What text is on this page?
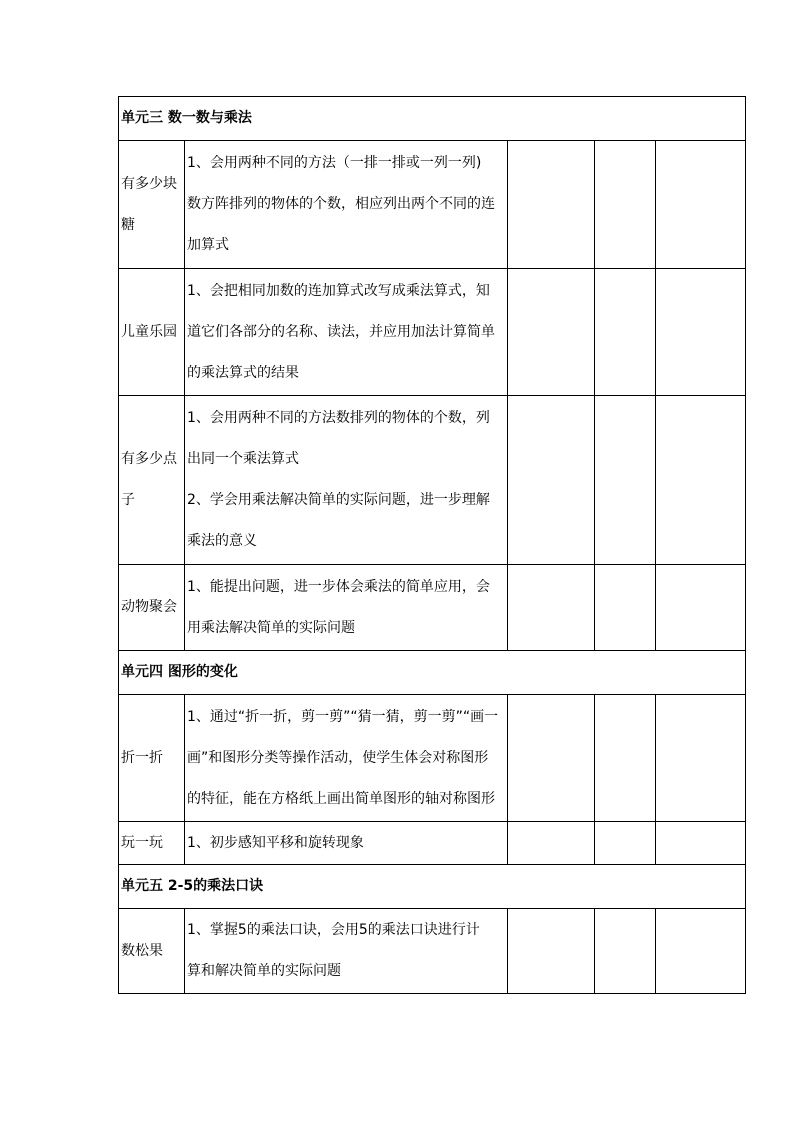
单元三 数一数与乘法				

有多少块
糖	1、会用两种不同的方法（一排一排或一列一列)
数方阵排列的物体的个数，相应列出两个不同的连
加算式			

儿童乐园	1、会把相同加数的连加算式改写成乘法算式，知
道它们各部分的名称、读法，并应用加法计算简单
的乘法算式的结果			

有多少点
子	1、会用两种不同的方法数排列的物体的个数，列
出同一个乘法算式
2、学会用乘法解决简单的实际问题，进一步理解
乘法的意义			

动物聚会	1、能提出问题，进一步体会乘法的简单应用，会
用乘法解决简单的实际问题			

单元四 图形的变化				

折一折	1、通过“折一折，剪一剪”“猜一猜，剪一剪”“画一
画”和图形分类等操作活动，使学生体会对称图形
的特征，能在方格纸上画出简单图形的轴对称图形			

玩一玩	1、初步感知平移和旋转现象			

单元五 2-5的乘法口诀				

数松果	1、掌握5的乘法口诀，会用5的乘法口诀进行计
算和解决简单的实际问题			
